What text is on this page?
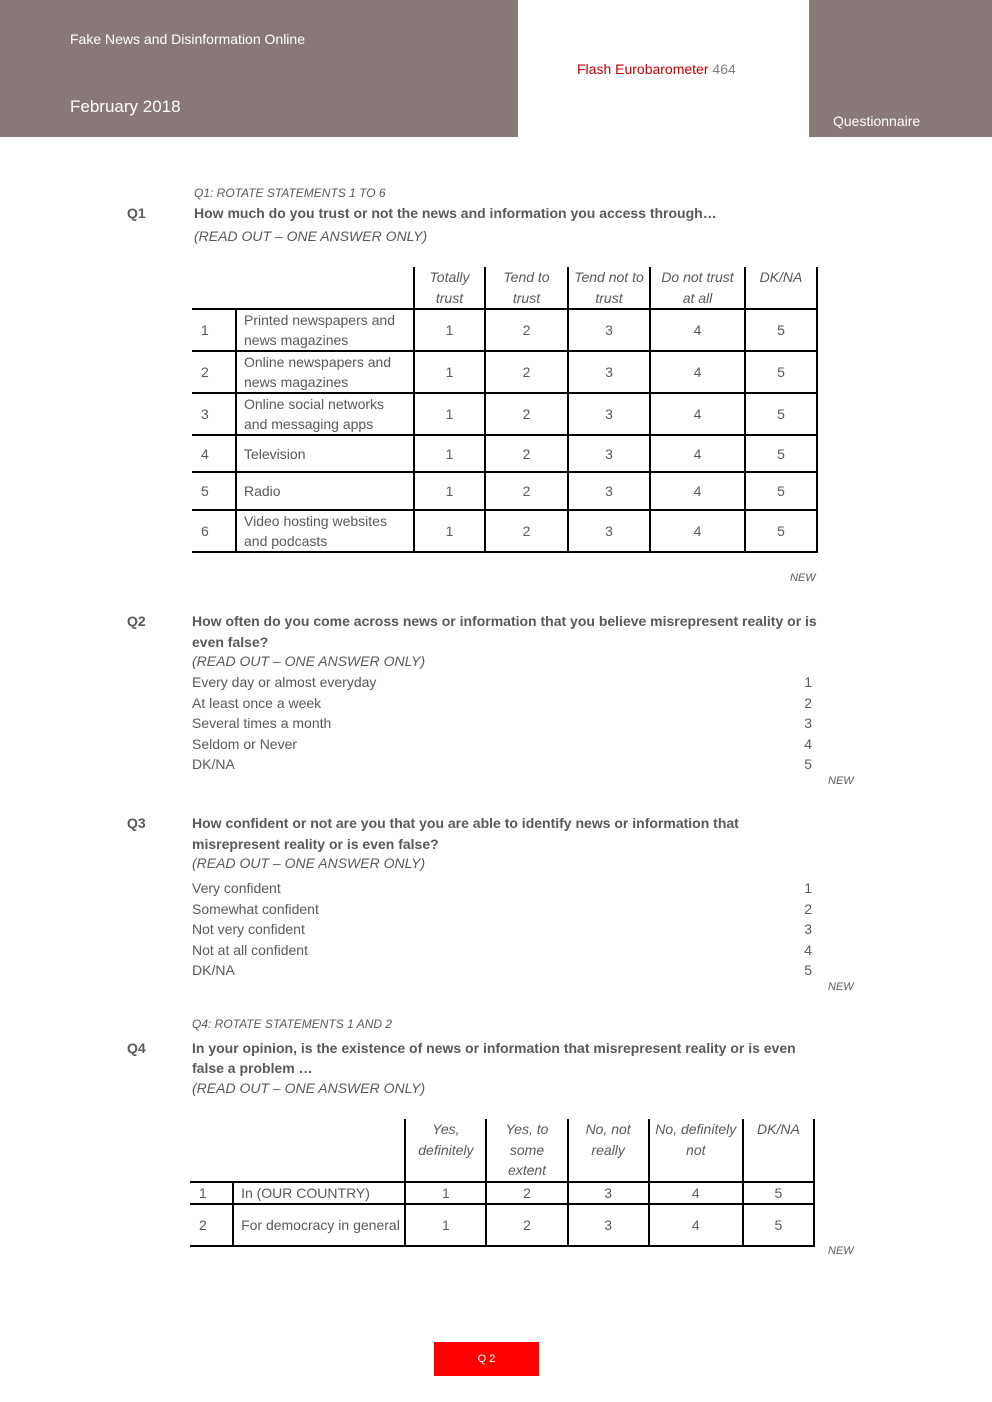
Fake News and Disinformation Online
February 2018
Flash Eurobarometer 464
Questionnaire
Q1: ROTATE STATEMENTS 1 TO 6
Q1	How much do you trust or not the news and information you access through…
(READ OUT – ONE ANSWER ONLY)
		Totally trust	Tend to trust	Tend not to trust	Do not trust at all	DK/NA
1	Printed newspapers and news magazines	1	2	3	4	5
2	Online newspapers and news magazines	1	2	3	4	5
3	Online social networks and messaging apps	1	2	3	4	5
4	Television	1	2	3	4	5
5	Radio	1	2	3	4	5
6	Video hosting websites and podcasts	1	2	3	4	5
NEW
Q2	How often do you come across news or information that you believe misrepresent reality or is
even false?
(READ OUT – ONE ANSWER ONLY)
Every day or almost everyday	1
At least once a week	2
Several times a month	3
Seldom or Never	4
DK/NA	5
NEW
Q3	How confident or not are you that you are able to identify news or information that
misrepresent reality or is even false?
(READ OUT – ONE ANSWER ONLY)
Very confident	1
Somewhat confident	2
Not very confident	3
Not at all confident	4
DK/NA	5
NEW
Q4: ROTATE STATEMENTS 1 AND 2
Q4	In your opinion, is the existence of news or information that misrepresent reality or is even
false a problem …
(READ OUT – ONE ANSWER ONLY)
		Yes, definitely	Yes, to some extent	No, not really	No, definitely not	DK/NA
1	In (OUR COUNTRY)	1	2	3	4	5
2	For democracy in general	1	2	3	4	5
NEW
Q 2
